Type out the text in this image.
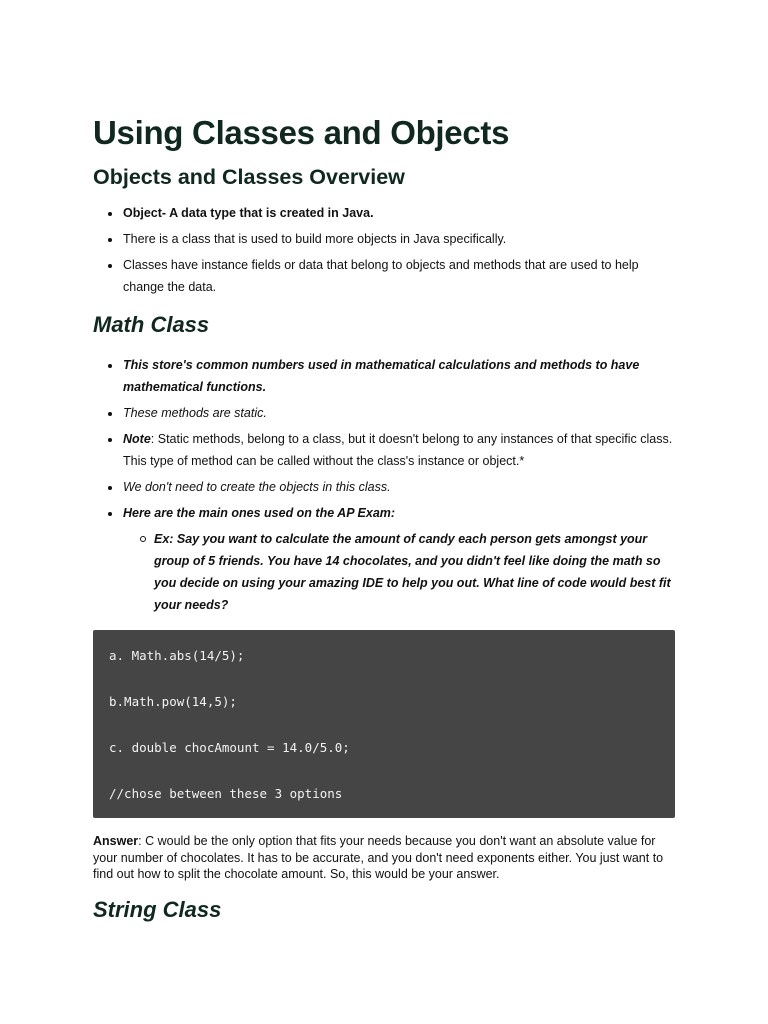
Using Classes and Objects
Objects and Classes Overview
Object- A data type that is created in Java.
There is a class that is used to build more objects in Java specifically.
Classes have instance fields or data that belong to objects and methods that are used to help change the data.
Math Class
This store's common numbers used in mathematical calculations and methods to have mathematical functions.
These methods are static.
Note: Static methods, belong to a class, but it doesn't belong to any instances of that specific class. This type of method can be called without the class's instance or object.*
We don't need to create the objects in this class.
Here are the main ones used on the AP Exam:
Ex: Say you want to calculate the amount of candy each person gets amongst your group of 5 friends. You have 14 chocolates, and you didn't feel like doing the math so you decide on using your amazing IDE to help you out. What line of code would best fit your needs?
a. Math.abs(14/5);
b.Math.pow(14,5);
c. double chocAmount = 14.0/5.0;
//chose between these 3 options

Answer: C would be the only option that fits your needs because you don't want an absolute value for your number of chocolates. It has to be accurate, and you don't need exponents either. You just want to find out how to split the chocolate amount. So, this would be your answer.

String Class
